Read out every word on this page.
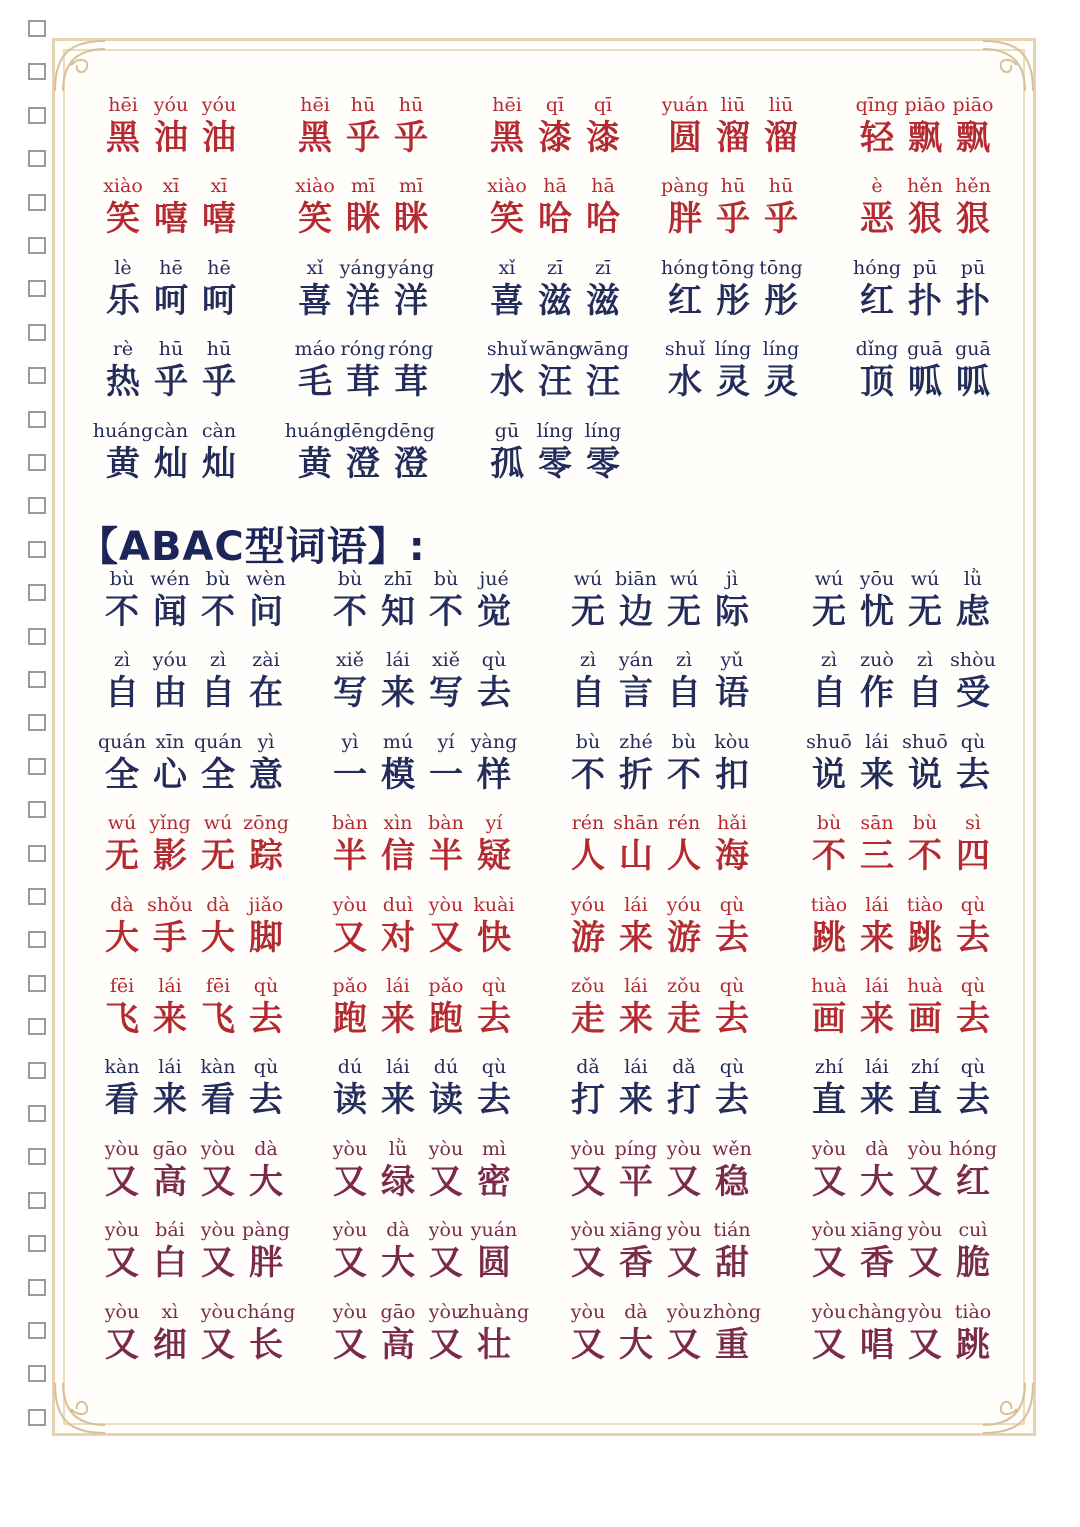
hēi
黑
yóu
油
yóu
油
hēi
黑
hū
乎
hū
乎
hēi
黑
qī
漆
qī
漆
yuán
圆
liū
溜
liū
溜
qīng
轻
piāo
飘
piāo
飘
xiào
笑
xī
嘻
xī
嘻
xiào
笑
mī
眯
mī
眯
xiào
笑
hā
哈
hā
哈
pàng
胖
hū
乎
hū
乎
è
恶
hěn
狠
hěn
狠
lè
乐
hē
呵
hē
呵
xǐ
喜
yáng
洋
yáng
洋
xǐ
喜
zī
滋
zī
滋
hóng
红
tōng
彤
tōng
彤
hóng
红
pū
扑
pū
扑
rè
热
hū
乎
hū
乎
máo
毛
róng
茸
róng
茸
shuǐ
水
wāng
汪
wāng
汪
shuǐ
水
líng
灵
líng
灵
dǐng
顶
guā
呱
guā
呱
huáng
黄
càn
灿
càn
灿
huáng
黄
dēng
澄
dēng
澄
gū
孤
líng
零
líng
零
bù
不
wén
闻
bù
不
wèn
问
bù
不
zhī
知
bù
不
jué
觉
wú
无
biān
边
wú
无
jì
际
wú
无
yōu
忧
wú
无
lǜ
虑
zì
自
yóu
由
zì
自
zài
在
xiě
写
lái
来
xiě
写
qù
去
zì
自
yán
言
zì
自
yǔ
语
zì
自
zuò
作
zì
自
shòu
受
quán
全
xīn
心
quán
全
yì
意
yì
一
mú
模
yí
一
yàng
样
bù
不
zhé
折
bù
不
kòu
扣
shuō
说
lái
来
shuō
说
qù
去
wú
无
yǐng
影
wú
无
zōng
踪
bàn
半
xìn
信
bàn
半
yí
疑
rén
人
shān
山
rén
人
hǎi
海
bù
不
sān
三
bù
不
sì
四
dà
大
shǒu
手
dà
大
jiǎo
脚
yòu
又
duì
对
yòu
又
kuài
快
yóu
游
lái
来
yóu
游
qù
去
tiào
跳
lái
来
tiào
跳
qù
去
fēi
飞
lái
来
fēi
飞
qù
去
pǎo
跑
lái
来
pǎo
跑
qù
去
zǒu
走
lái
来
zǒu
走
qù
去
huà
画
lái
来
huà
画
qù
去
kàn
看
lái
来
kàn
看
qù
去
dú
读
lái
来
dú
读
qù
去
dǎ
打
lái
来
dǎ
打
qù
去
zhí
直
lái
来
zhí
直
qù
去
yòu
又
gāo
高
yòu
又
dà
大
yòu
又
lǜ
绿
yòu
又
mì
密
yòu
又
píng
平
yòu
又
wěn
稳
yòu
又
dà
大
yòu
又
hóng
红
yòu
又
bái
白
yòu
又
pàng
胖
yòu
又
dà
大
yòu
又
yuán
圆
yòu
又
xiāng
香
yòu
又
tián
甜
yòu
又
xiāng
香
yòu
又
cuì
脆
yòu
又
xì
细
yòu
又
cháng
长
yòu
又
gāo
高
yòu
又
zhuàng
壮
yòu
又
dà
大
yòu
又
zhòng
重
yòu
又
chàng
唱
yòu
又
tiào
跳
【ABAC型词语】:
